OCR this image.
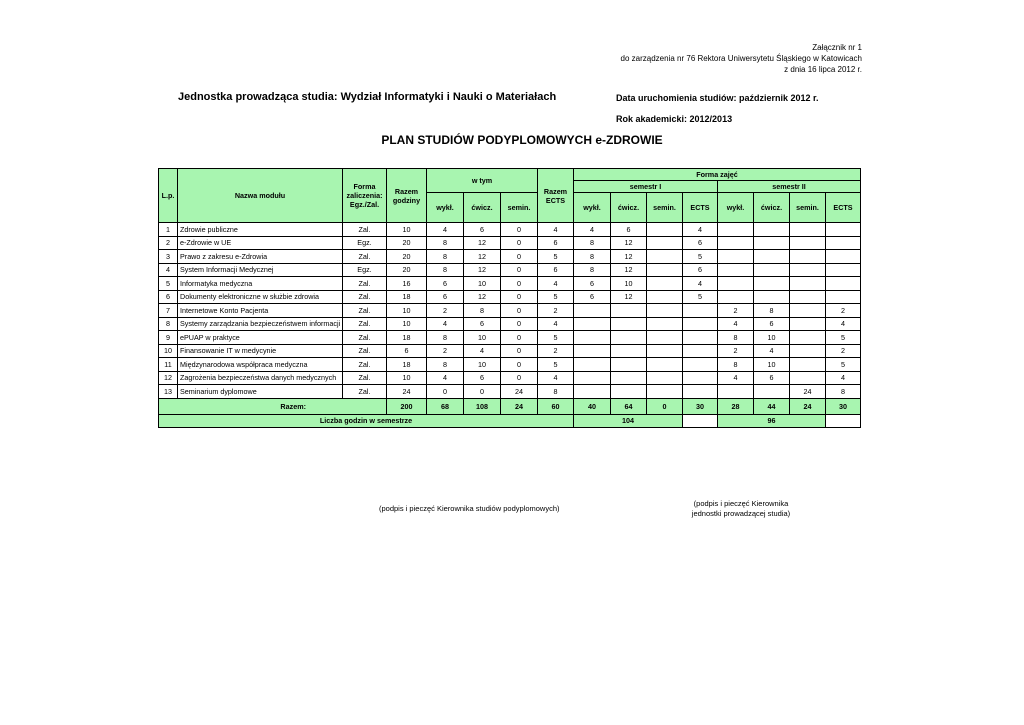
Załącznik nr 1
do zarządzenia nr 76 Rektora Uniwersytetu Śląskiego w Katowicach
z dnia 16 lipca 2012 r.
Jednostka prowadząca studia: Wydział Informatyki i Nauki o Materiałach	Data uruchomienia studiów: październik 2012 r.
Rok akademicki: 2012/2013
PLAN STUDIÓW PODYPLOMOWYCH e-ZDROWIE
L.p.	Nazwa modułu	Forma zaliczenia: Egz./Zal.	Razem godziny	w tym			Razem ECTS	Forma zajęć							
								semestr I				semestr II			
				wykł.	ćwicz.	semin.		wykł.	ćwicz.	semin.	ECTS	wykł.	ćwicz.	semin.	ECTS
1	Zdrowie publiczne	Zal.	10	4	6	0	4	4	6		4				
2	e-Zdrowie w UE	Egz.	20	8	12	0	6	8	12		6				
3	Prawo z zakresu e-Zdrowia	Zal.	20	8	12	0	5	8	12		5				
4	System Informacji Medycznej	Egz.	20	8	12	0	6	8	12		6				
5	Informatyka medyczna	Zal.	16	6	10	0	4	6	10		4				
6	Dokumenty elektroniczne w służbie zdrowia	Zal.	18	6	12	0	5	6	12		5				
7	Internetowe Konto Pacjenta	Zal.	10	2	8	0	2					2	8		2
8	Systemy zarządzania bezpieczeństwem informacji	Zal.	10	4	6	0	4					4	6		4
9	ePUAP w praktyce	Zal.	18	8	10	0	5					8	10		5
10	Finansowanie IT w medycynie	Zal.	6	2	4	0	2					2	4		2
11	Międzynarodowa współpraca medyczna	Zal.	18	8	10	0	5					8	10		5
12	Zagrożenia bezpieczeństwa danych medycznych	Zal.	10	4	6	0	4					4	6		4
13	Seminarium dyplomowe	Zal.	24	0	0	24	8							24	8
Razem:			200	68	108	24	60	40	64	0	30	28	44	24	30
Liczba godzin w semestrze								104				96			
(podpis i pieczęć Kierownika studiów podyplomowych)
(podpis i pieczęć Kierownika
jednostki prowadzącej studia)
